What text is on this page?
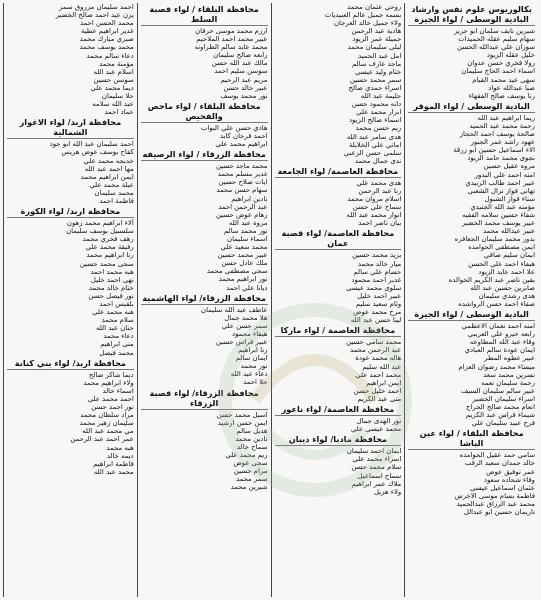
بكالوريوس علوم نفس وارشاد البادية الوسطى / لواء الجيزة
شيرين نايف سلمان ابو جرير
سهام سليم عقله الحميدات
سوزان علي عبدالله الحسن
خليل عقله الزيود
رولا فخري حسن عدوان
اسماء احمد الحاج سليمان
سهى عيد محمد القيام
صبا عبدالله عواد
رنا يوسف صالح الفقهاء
البادية الوسطى / لواء الموقر
ريما ابراهيم عبد الله
رحمة محمد عبد الحميد
صالحة يوسف احمد الحجاز
عهود راشد عمر الجبور
الاء اسماعيل حسين ابو زرقة
نجوى محمد حامد الزيود
مروه عقيل حسين
امنه احمد علي البدور
عبير احمد طالب الزبيدي
تهاني فواز نزال الشعبي
سناء فواز الشبول
مؤمنه عبد الله الجنيدي
شفاء حسين سلامه الفقيه
عبير يوسف محمد الخضير
عبير عبدالله محمد
بدور محمد سليمان الجعافره
ايمن مصطفى الحوامده
ايمان سليم صافي
هيفاء احمد علي الحسن
علا احمد عابد الزيود
يقين ناصر عبد الكريم الخوالده
صابرين حسين عبد الله
هدى رشدي سليمان
صفاء احمد حسن الرواشده
البادية الوسطى / لواء الجيزة
امنه احمد نعمان الاعظمي
رابعه خيرو علي العريبي
وفاء عبد الله المطاوعه
ايمان عودة سالم العبادي
عبير عطوه المطر
ميساء محمد رضوان العزام
نسرين محمد سعد
رحمة سليمان نعمه
عبير سالم سليمان السيف
اسراء سليمان الخضير
انعام محمد صالح الجراح
شيماء فراس عبد الكريم
فرح عبيد سليمان علي
محافظة البلقاء / لواء عين الباشا
سامي حمد عقيل الحوامده
خالد حمدان سعيد الرقب
عمر توفيق عوض
وفاء شحاده سعود
عثمان اسماعيل عيسى
فاطمة بسام موسى الاخرس
محمد عبد الرزاق عبدالحميد
ناريمان حسين ابو عبدالل
روحي عثمان محمد
بسمه جميل عالم العبيديات
ولاء جميل خالد العرجان
هادية عبد الرحمن
جميلة عمر الزيود
ليلى سليمان محمد
امل عبد الحميد
ماجد عارف سالم
ختام وليد عيسى
سمر محمد حسين
اسراء حمدي صالح
حليمة عبد الله
دانه محمود حسن
ابرار محمد علي
اسماء صالح الزيود
ريم حسن محمد
هدى سامر عبد الله
اماني علي الخلايلة
سلمى حسن الزعبي
ندى جمال محمد
محافظة العاصمة/ لواء الجامعة
هدى محمد علي
رنا عبد الرحمن
اسلام مروان محمد
سماح علي حسن
انوار محمد عبد الله
بيان ناصر احمد
محافظة العاصمة/ لواء قصبة عمان
يزيد محمد حسين
ميار خالد محمد
حسام علي سالم
غدير احمد محمود
سلوى محمد عيسى
عبير احمد خليل
وئام سعيد سليم
مرح محمد عوض
لينا حسن عبد الله
محافظة العاصمة / لواء ماركا
محمد سامي حسين
عبد الرحمن محمد
هاله محمد عودة
عبد الله سليم
محمد احمد علي
ايمن ابراهيم
احمد خليل حسن
منى عبد الكريم
محافظة العاصمة/ لواء ناعور
نور الهدى جمال
محمد عيسى علي
محافظة مادبا/ لواء ذيبان
ايمان احمد سليمان
اسراء محمد علي
سلام محمد حسن
سماح اسماعيل
ملاك عمر ابراهيم
ولاء هزيل
محافظة البلقاء / لواء قصبة السلط
ارزم محمد موسى خرفان
عبير محمد احمد الملاحيم
محمد عايد سالم الطراونه
رابعه صالح سليمان
مالك عبد الله حسن
سوسن سليم احمد
مريم عبد الرحيم
عبير خالد حسن
نور محمد يوسف
محافظة البلقاء / لواء ماحص والفحيص
هادي حسن علي البواب
احمد فرحان كايد
ابراهيم محمد علي
محافظة الزرقاء / لواء الرصيفه
محمد ماجد حسين
غدير مسلم محمد
ايات صلاح حسين
سهام حسن محمد
نادين ابراهيم
عبد الرحمن احمد
رهام عوض حسين
مروة عبد الله
نور محمد سالم
اسماء سليمان
محمد سعيد علي
عبير محمد حسين
ملك عادل حسن
سجى مصطفى محمد
نور ابراهيم محمد
ديانا علي احمد
محافظة الزرقاء/ لواء الهاشمية
عاطف عبد الله سليمان
هلا محمد جمال
سمر حسن علي
هيفاء محمود
عبير فراس حسين
رنا ابراهيم
ايمان سالم
نور محمد
دعاء عبد الله
حلا احمد
محافظة الزرقاء/ لواء قصبة الزرقاء
اسيل محمد حسن
ايمن حسن ارشيد
هديل سالم
نادين محمد
سماح خالد
ريم محمد علي
سجى عوض
مرام حسين
سمر محمد
شيرين محمد
احمد سليمان مزروق سمر
يزن عيد احمد صالح الخضير
محمد الحسن احمد
غدير ابراهيم عطية
صبري مبارك محمد
محمد يوسف محمد
دعاء سالم محمد
مؤمنة محمد
اسلام عبد الله
سوسن حسين
ديما محمد علي
حلا سليمان
عبد الله سلامه
عماد احمد
محافظة اربد/ لواء الاغوار الشمالية
احمد سليمان عبد الله ابو جود
كفاح يوسف عوض هريس
خديجه محمد علي
مها احمد عبد الله
ايمن ابراهيم محمد
عبلة محمد علي
محمد سليمان
فاطمة احمد
محافظة اربد/ لواء الكورة
آلاء ابراهيم محمد زهون
سلسبيل يوسف سليمان
رهف فخري محمد
رفيقة محمد علي
رنا ابراهيم محمد
سجى محمد حسين
هبه محمد احمد
نهى احمد خليل
ختام خالد محمد
نور فيصل حسن
بلقيس احمد
هبه محمد علي
سلام محمد
حنان عبد الله
دعاء محمد
منى ابراهيم
محمد فيصل
محافظة اربد/ لواء بني كنانة
ديما شاكر صالح
ولاء ابراهيم محمد
اسماء خالد
احمد محمد علي
نور احمد حسن
مراد سلطان محمد
سليمان زهير محمد
مي محمد عبد الله
عمر احمد عبد الرحمن
هبه محمد
ديمه خالد
فاطمة ابراهيم
محمد عبد الله
